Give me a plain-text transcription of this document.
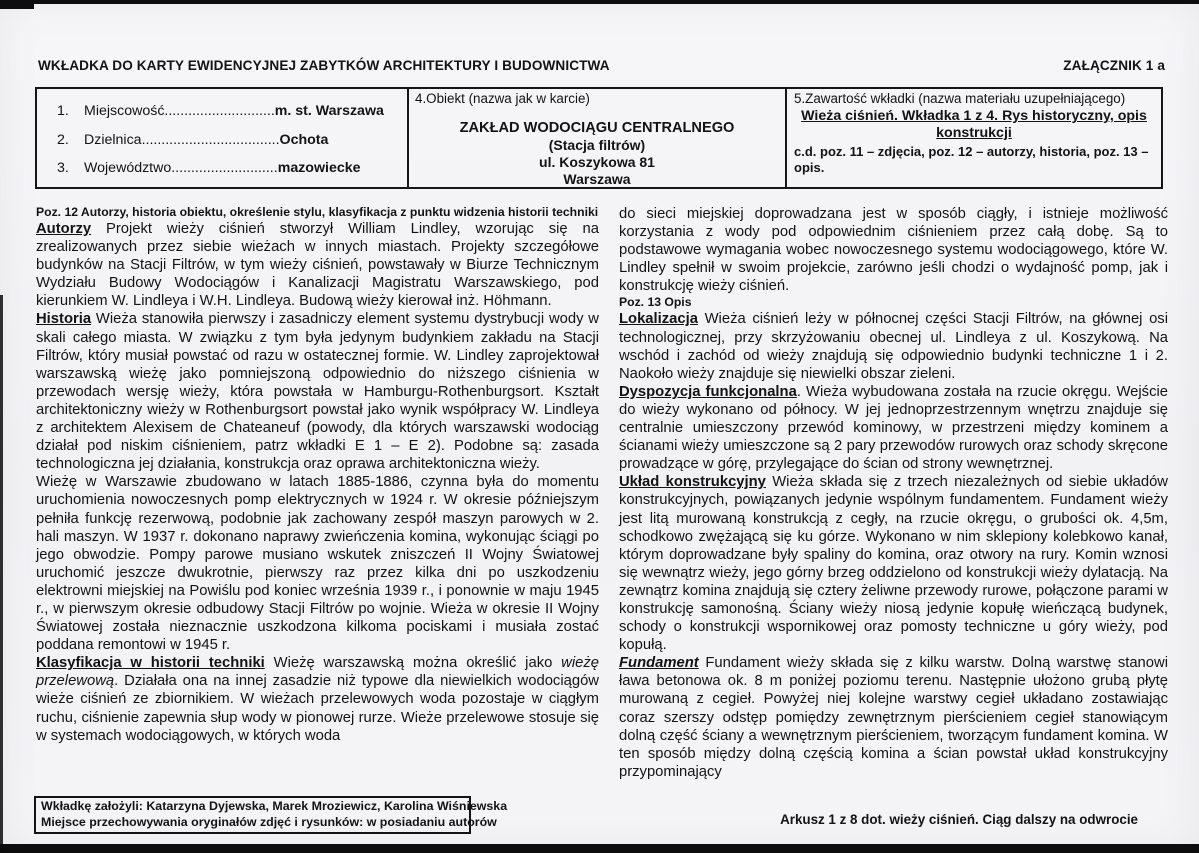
WKŁADKA DO KARTY EWIDENCYJNEJ ZABYTKÓW ARCHITEKTURY I BUDOWNICTWA	ZAŁĄCZNIK 1 a
1. Miejscowość............................m. st. Warszawa
2. Dzielnica...................................Ochota
3. Województwo...........................mazowiecke
4.Obiekt (nazwa jak w karcie)
ZAKŁAD WODOCIĄGU CENTRALNEGO
(Stacja filtrów)
ul. Koszykowa 81
Warszawa
5.Zawartość wkładki (nazwa materiału uzupełniającego)
Wieża ciśnień. Wkładka 1 z 4. Rys historyczny, opis konstrukcji
c.d. poz. 11 – zdjęcia, poz. 12 – autorzy, historia, poz. 13 – opis.
Poz. 12 Autorzy, historia obiektu, określenie stylu, klasyfikacja z punktu widzenia historii techniki

Autorzy Projekt wieży ciśnień stworzył William Lindley, wzorując się na zrealizowanych przez siebie wieżach w innych miastach. Projekty szczegółowe budynków na Stacji Filtrów, w tym wieży ciśnień, powstawały w Biurze Technicznym Wydziału Budowy Wodociągów i Kanalizacji Magistratu Warszawskiego, pod kierunkiem W. Lindleya i W.H. Lindleya. Budową wieży kierował inż. Höhmann.

Historia Wieża stanowiła pierwszy i zasadniczy element systemu dystrybucji wody w skali całego miasta. W związku z tym była jedynym budynkiem zakładu na Stacji Filtrów, który musiał powstać od razu w ostatecznej formie. W. Lindley zaprojektował warszawską wieżę jako pomniejszoną odpowiednio do niższego ciśnienia w przewodach wersję wieży, która powstała w Hamburgu-Rothenburgsort. Kształt architektoniczny wieży w Rothenburgsort powstał jako wynik współpracy W. Lindleya z architektem Alexisem de Chateaneuf (powody, dla których warszawski wodociąg działał pod niskim ciśnieniem, patrz wkładki E 1 – E 2). Podobne są: zasada technologiczna jej działania, konstrukcja oraz oprawa architektoniczna wieży.

Wieżę w Warszawie zbudowano w latach 1885-1886, czynna była do momentu uruchomienia nowoczesnych pomp elektrycznych w 1924 r. W okresie późniejszym pełniła funkcję rezerwową, podobnie jak zachowany zespół maszyn parowych w 2. hali maszyn. W 1937 r. dokonano naprawy zwieńczenia komina, wykonując ściągi po jego obwodzie. Pompy parowe musiano wskutek zniszczeń II Wojny Światowej uruchomić jeszcze dwukrotnie, pierwszy raz przez kilka dni po uszkodzeniu elektrowni miejskiej na Powiślu pod koniec września 1939 r., i ponownie w maju 1945 r., w pierwszym okresie odbudowy Stacji Filtrów po wojnie. Wieża w okresie II Wojny Światowej została nieznacznie uszkodzona kilkoma pociskami i musiała zostać poddana remontowi w 1945 r.

Klasyfikacja w historii techniki Wieżę warszawską można określić jako wieżę przelewową. Działała ona na innej zasadzie niż typowe dla niewielkich wodociągów wieże ciśnień ze zbiornikiem. W wieżach przelewowych woda pozostaje w ciągłym ruchu, ciśnienie zapewnia słup wody w pionowej rurze. Wieże przelewowe stosuje się w systemach wodociągowych, w których woda

Wkładkę założyli: Katarzyna Dyjewska, Marek Mroziewicz, Karolina Wiśniewska
Miejsce przechowywania oryginałów zdjęć i rysunków: w posiadaniu autorów

do sieci miejskiej doprowadzana jest w sposób ciągły, i istnieje możliwość korzystania z wody pod odpowiednim ciśnieniem przez całą dobę. Są to podstawowe wymagania wobec nowoczesnego systemu wodociągowego, które W. Lindley spełnił w swoim projekcie, zarówno jeśli chodzi o wydajność pomp, jak i konstrukcję wieży ciśnień.

Poz. 13 Opis

Lokalizacja Wieża ciśnień leży w północnej części Stacji Filtrów, na głównej osi technologicznej, przy skrzyżowaniu obecnej ul. Lindleya z ul. Koszykową. Na wschód i zachód od wieży znajdują się odpowiednio budynki techniczne 1 i 2. Naokoło wieży znajduje się niewielki obszar zieleni.

Dyspozycja funkcjonalna. Wieża wybudowana została na rzucie okręgu. Wejście do wieży wykonano od północy. W jej jednoprzestrzennym wnętrzu znajduje się centralnie umieszczony przewód kominowy, w przestrzeni między kominem a ścianami wieży umieszczone są 2 pary przewodów rurowych oraz schody skręcone prowadzące w górę, przylegające do ścian od strony wewnętrznej.

Układ konstrukcyjny Wieża składa się z trzech niezależnych od siebie układów konstrukcyjnych, powiązanych jedynie wspólnym fundamentem. Fundament wieży jest litą murowaną konstrukcją z cegły, na rzucie okręgu, o grubości ok. 4,5m, schodkowo zwężającą się ku górze. Wykonano w nim sklepiony kolebkowo kanał, którym doprowadzane były spaliny do komina, oraz otwory na rury. Komin wznosi się wewnątrz wieży, jego górny brzeg oddzielono od konstrukcji wieży dylatacją. Na zewnątrz komina znajdują się cztery żeliwne przewody rurowe, połączone parami w konstrukcję samonośną. Ściany wieży niosą jedynie kopułę wieńczącą budynek, schody o konstrukcji wspornikowej oraz pomosty techniczne u góry wieży, pod kopułą.

Fundament Fundament wieży składa się z kilku warstw. Dolną warstwę stanowi ława betonowa ok. 8 m poniżej poziomu terenu. Następnie ułożono grubą płytę murowaną z cegieł. Powyżej niej kolejne warstwy cegieł układano zostawiając coraz szerszy odstęp pomiędzy zewnętrznym pierścieniem cegieł stanowiącym dolną część ściany a wewnętrznym pierścieniem, tworzącym fundament komina. W ten sposób między dolną częścią komina a ścian powstał układ konstrukcyjny przypominający

Arkusz 1 z 8 dot. wieży ciśnień. Ciąg dalszy na odwrocie
